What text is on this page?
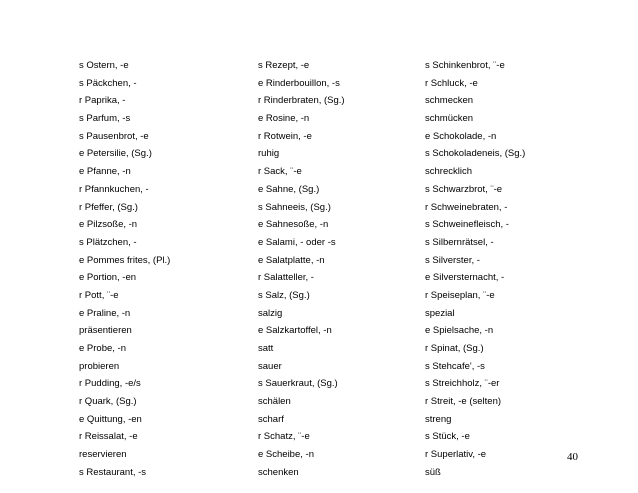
s Ostern, -e
s Päckchen, -
r Paprika, -
s Parfum, -s
s Pausenbrot, -e
e Petersilie, (Sg.)
e Pfanne, -n
r Pfannkuchen, -
r Pfeffer, (Sg.)
e Pilzsoße, -n
s Plätzchen, -
e Pommes frites, (Pl.)
e Portion, -en
r Pott, ¨-e
e Praline, -n
präsentieren
e Probe, -n
probieren
r Pudding, -e/s
r Quark, (Sg.)
e Quittung, -en
r Reissalat, -e
reservieren
s Restaurant, -s
s Rezept, -e
e Rinderbouillon, -s
r Rinderbraten, (Sg.)
e Rosine, -n
r Rotwein, -e
ruhig
r Sack, ¨-e
e Sahne, (Sg.)
s Sahneeis, (Sg.)
e Sahnesoße, -n
e Salami, - oder -s
e Salatplatte, -n
r Salatteller, -
s Salz, (Sg.)
salzig
e Salzkartoffel, -n
satt
sauer
s Sauerkraut, (Sg.)
schälen
scharf
r Schatz, ¨-e
e Scheibe, -n
schenken
s Schinkenbrot, ¨-e
r Schluck, -e
schmecken
schmücken
e Schokolade, -n
s Schokoladeneis, (Sg.)
schrecklich
s Schwarzbrot, ¨-e
r Schweinebraten, -
s Schweinefleisch, -
s Silbernrätsel, -
s Silverster, -
e Silversternacht, -
r Speiseplan, ¨-e
spezial
e Spielsache, -n
r Spinat, (Sg.)
s Stehcafe', -s
s Streichholz, ¨-er
r Streit, -e (selten)
streng
s Stück, -e
r Superlativ, -e
süß
40
